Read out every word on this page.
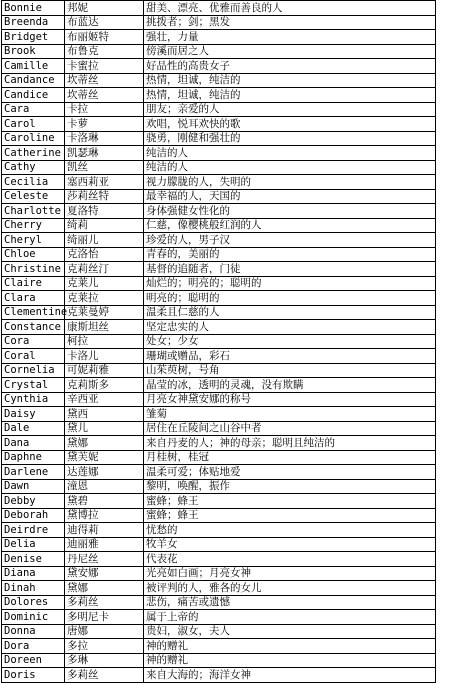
Bonnie	邦妮	甜美、漂亮、优雅而善良的人
Breenda	布蓝达	挑拨者；剑；黑发
Bridget	布丽姬特	强壮，力量
Brook	布鲁克	傍溪而居之人
Camille	卡蜜拉	好品性的高贵女子
Candance	坎蒂丝	热情，坦诚，纯洁的
Candice	坎蒂丝	热情，坦诚，纯洁的
Cara	卡拉	朋友；亲爱的人
Carol	卡萝	欢唱，悦耳欢快的歌
Caroline	卡洛琳	骁勇，刚健和强壮的
Catherine	凯瑟琳	纯洁的人
Cathy	凯丝	纯洁的人
Cecilia	塞西莉亚	视力朦胧的人，失明的
Celeste	莎莉丝特	最幸福的人，天国的
Charlotte	夏洛特	身体强健女性化的
Cherry	绮莉	仁慈，像樱桃般红润的人
Cheryl	绮丽儿	珍爱的人，男子汉
Chloe	克洛怡	青春的，美丽的
Christine	克莉丝汀	基督的追随者，门徒
Claire	克莱儿	灿烂的；明亮的；聪明的
Clara	克莱拉	明亮的；聪明的
Clementine	克莱曼婷	温柔且仁慈的人
Constance	康斯坦丝	坚定忠实的人
Cora	柯拉	处女；少女
Coral	卡洛儿	珊瑚或赠品，彩石
Cornelia	可妮莉雅	山茱萸树，号角
Crystal	克莉斯多	晶莹的冰，透明的灵魂，没有欺瞒
Cynthia	辛西亚	月亮女神黛安娜的称号
Daisy	黛西	雏菊
Dale	黛儿	居住在丘陵间之山谷中者
Dana	黛娜	来自丹麦的人；神的母亲；聪明且纯洁的
Daphne	黛芙妮	月桂树，桂冠
Darlene	达莲娜	温柔可爱；体贴地爱
Dawn	潼恩	黎明，唤醒，振作
Debby	黛碧	蜜蜂；蜂王
Deborah	黛博拉	蜜蜂；蜂王
Deirdre	迪得莉	忧愁的
Delia	迪丽雅	牧羊女
Denise	丹尼丝	代表花
Diana	黛安娜	光亮如白画；月亮女神
Dinah	黛娜	被评判的人，雅各的女儿
Dolores	多莉丝	悲伤，痛苦或遗憾
Dominic	多明尼卡	属于上帝的
Donna	唐娜	贵妇，淑女，夫人
Dora	多拉	神的赠礼
Doreen	多琳	神的赠礼
Doris	多莉丝	来自大海的；海洋女神
